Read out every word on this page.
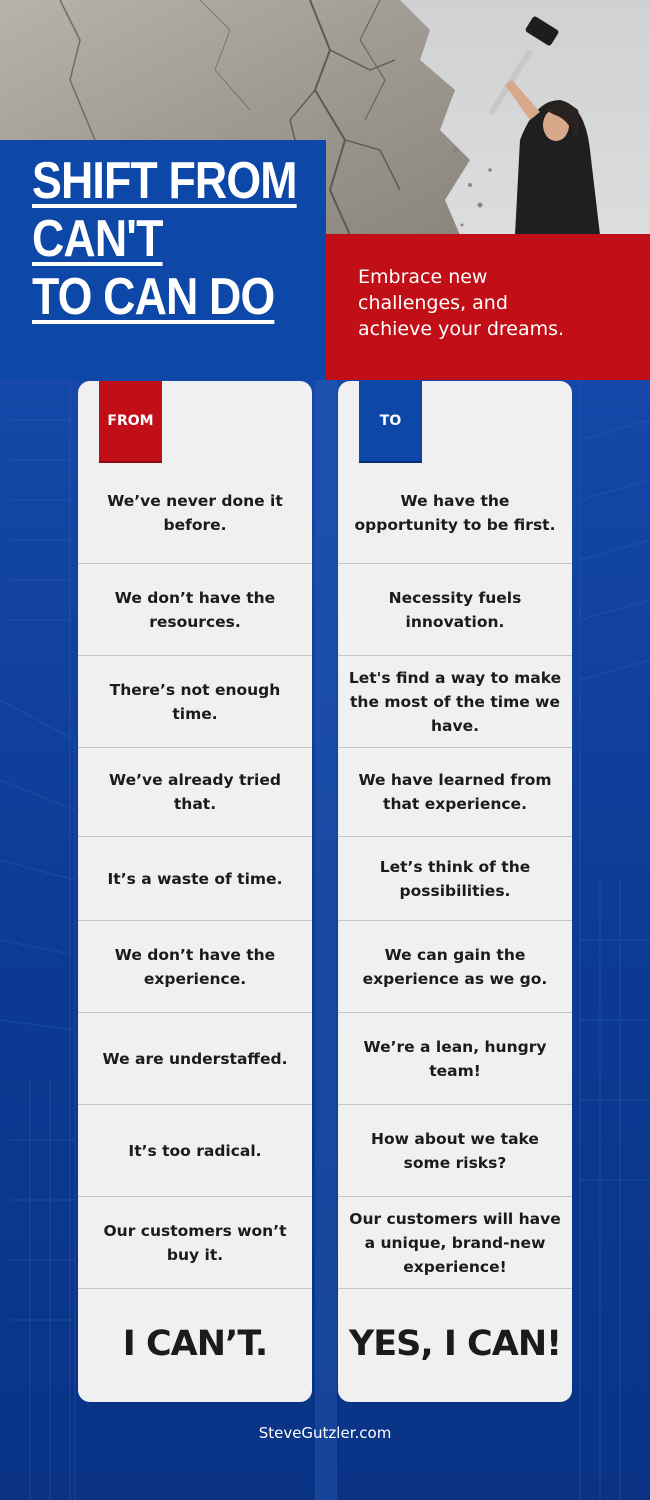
SHIFT FROM
CAN'T
TO CAN DO	Embrace new
challenges, and
achieve your dreams.

FROM
We’ve never done it before.
We don’t have the resources.
There’s not enough time.
We’ve already tried that.
It’s a waste of time.
We don’t have the experience.
We are understaffed.
It’s too radical.
Our customers won’t buy it.
I CAN’T.
TO
We have the opportunity to be first.
Necessity fuels innovation.
Let's find a way to make the most of the time we have.
We have learned from that experience.
Let’s think of the possibilities.
We can gain the experience as we go.
We’re a lean, hungry team!
How about we take some risks?
Our customers will have a unique, brand-new experience!
YES, I CAN!
SteveGutzler.com
